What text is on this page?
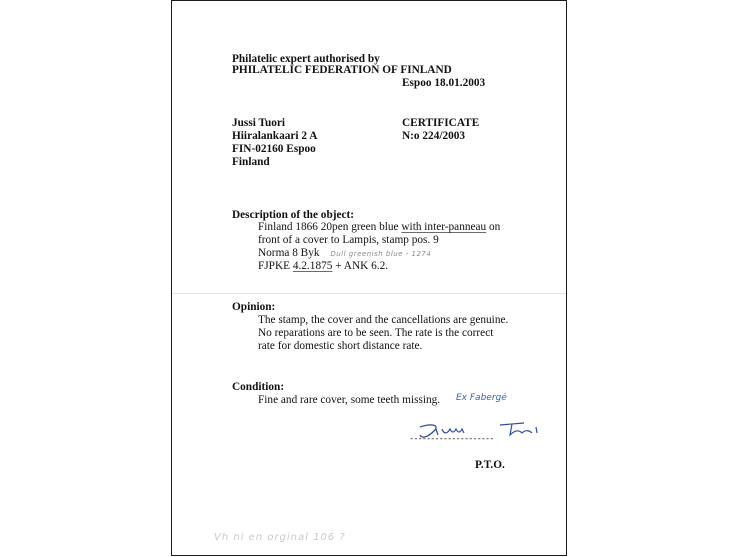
Philatelic expert authorised by
PHILATELIC FEDERATION OF FINLAND
Espoo 18.01.2003
Jussi Tuori
Hiiralankaari 2 A
FIN-02160 Espoo
Finland
CERTIFICATE
N:o 224/2003
Description of the object:
Finland 1866 20pen green blue with inter-panneau on
front of a cover to Lampis, stamp pos. 9
Norma 8 Byk Dull greenish blue - 1274
FJPKE 4.2.1875 + ANK 6.2.
Opinion:
The stamp, the cover and the cancellations are genuine.
No reparations are to be seen. The rate is the correct
rate for domestic short distance rate.
Condition:
Fine and rare cover, some teeth missing. Ex Fabergé
--------------------
P.T.O.
Vh ni en orginal 106 ?
